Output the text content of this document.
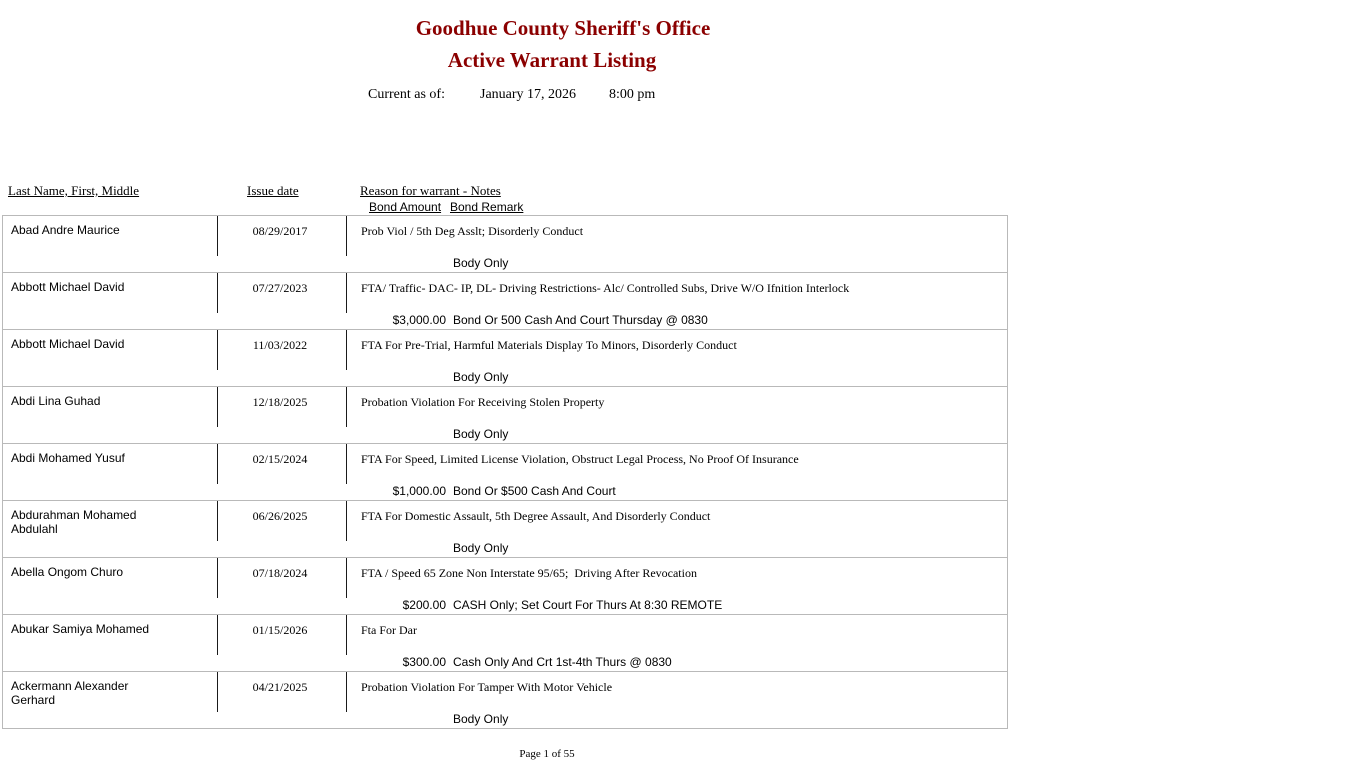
Goodhue County Sheriff's Office
Active Warrant Listing
Current as of:	January 17, 2026 8:00 pm
Last Name, First, Middle	Issue date	Reason for warrant - Notes
Bond Amount Bond Remark
Abad Andre Maurice	08/29/2017	Prob Viol / 5th Deg Asslt; Disorderly Conduct
Body Only
Abbott Michael David	07/27/2023	FTA/ Traffic- DAC- IP, DL- Driving Restrictions- Alc/ Controlled Subs, Drive W/O Ifnition Interlock
$3,000.00 Bond Or 500 Cash And Court Thursday @ 0830
Abbott Michael David	11/03/2022	FTA For Pre-Trial, Harmful Materials Display To Minors, Disorderly Conduct
Body Only
Abdi Lina Guhad	12/18/2025	Probation Violation For Receiving Stolen Property
Body Only
Abdi Mohamed Yusuf	02/15/2024	FTA For Speed, Limited License Violation, Obstruct Legal Process, No Proof Of Insurance
$1,000.00 Bond Or $500 Cash And Court
Abdurahman Mohamed
Abdulahl
06/26/2025	FTA For Domestic Assault, 5th Degree Assault, And Disorderly Conduct
Body Only
Abella Ongom Churo	07/18/2024	FTA / Speed 65 Zone Non Interstate 95/65;  Driving After Revocation
$200.00 CASH Only; Set Court For Thurs At 8:30 REMOTE
Abukar Samiya Mohamed	01/15/2026	Fta For Dar
$300.00 Cash Only And Crt 1st-4th Thurs @ 0830
Ackermann Alexander Gerhard
04/21/2025	Probation Violation For Tamper With Motor Vehicle
Body Only
Page 1 of 55
